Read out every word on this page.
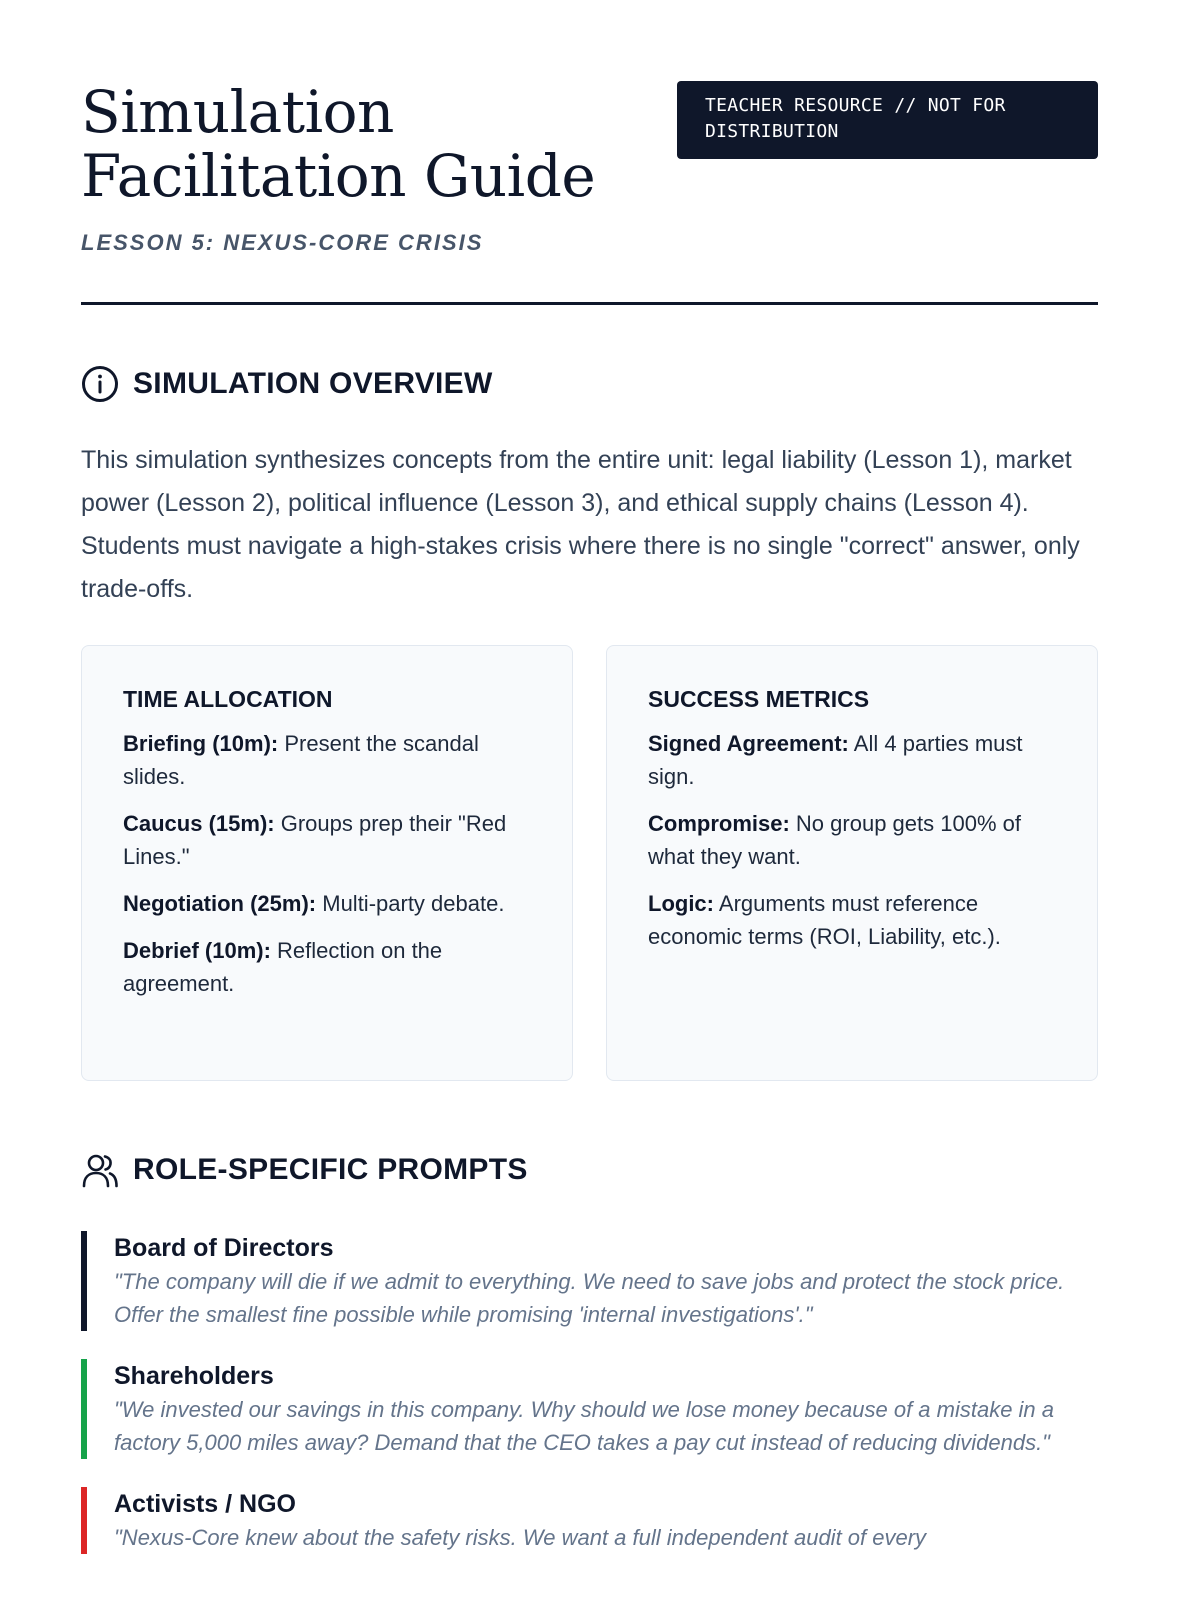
Simulation Facilitation Guide
TEACHER RESOURCE // NOT FOR DISTRIBUTION
LESSON 5: NEXUS-CORE CRISIS
SIMULATION OVERVIEW

This simulation synthesizes concepts from the entire unit: legal liability (Lesson 1), market power (Lesson 2), political influence (Lesson 3), and ethical supply chains (Lesson 4). Students must navigate a high-stakes crisis where there is no single "correct" answer, only trade-offs.

TIME ALLOCATION
Briefing (10m): Present the scandal slides.
Caucus (15m): Groups prep their "Red Lines."
Negotiation (25m): Multi-party debate.
Debrief (10m): Reflection on the agreement.
SUCCESS METRICS
Signed Agreement: All 4 parties must sign.
Compromise: No group gets 100% of what they want.
Logic: Arguments must reference economic terms (ROI, Liability, etc.).
ROLE-SPECIFIC PROMPTS
Board of Directors
"The company will die if we admit to everything. We need to save jobs and protect the stock price. Offer the smallest fine possible while promising 'internal investigations'."
Shareholders
"We invested our savings in this company. Why should we lose money because of a mistake in a factory 5,000 miles away? Demand that the CEO takes a pay cut instead of reducing dividends."
Activists / NGO
"Nexus-Core knew about the safety risks. We want a full independent audit of every
